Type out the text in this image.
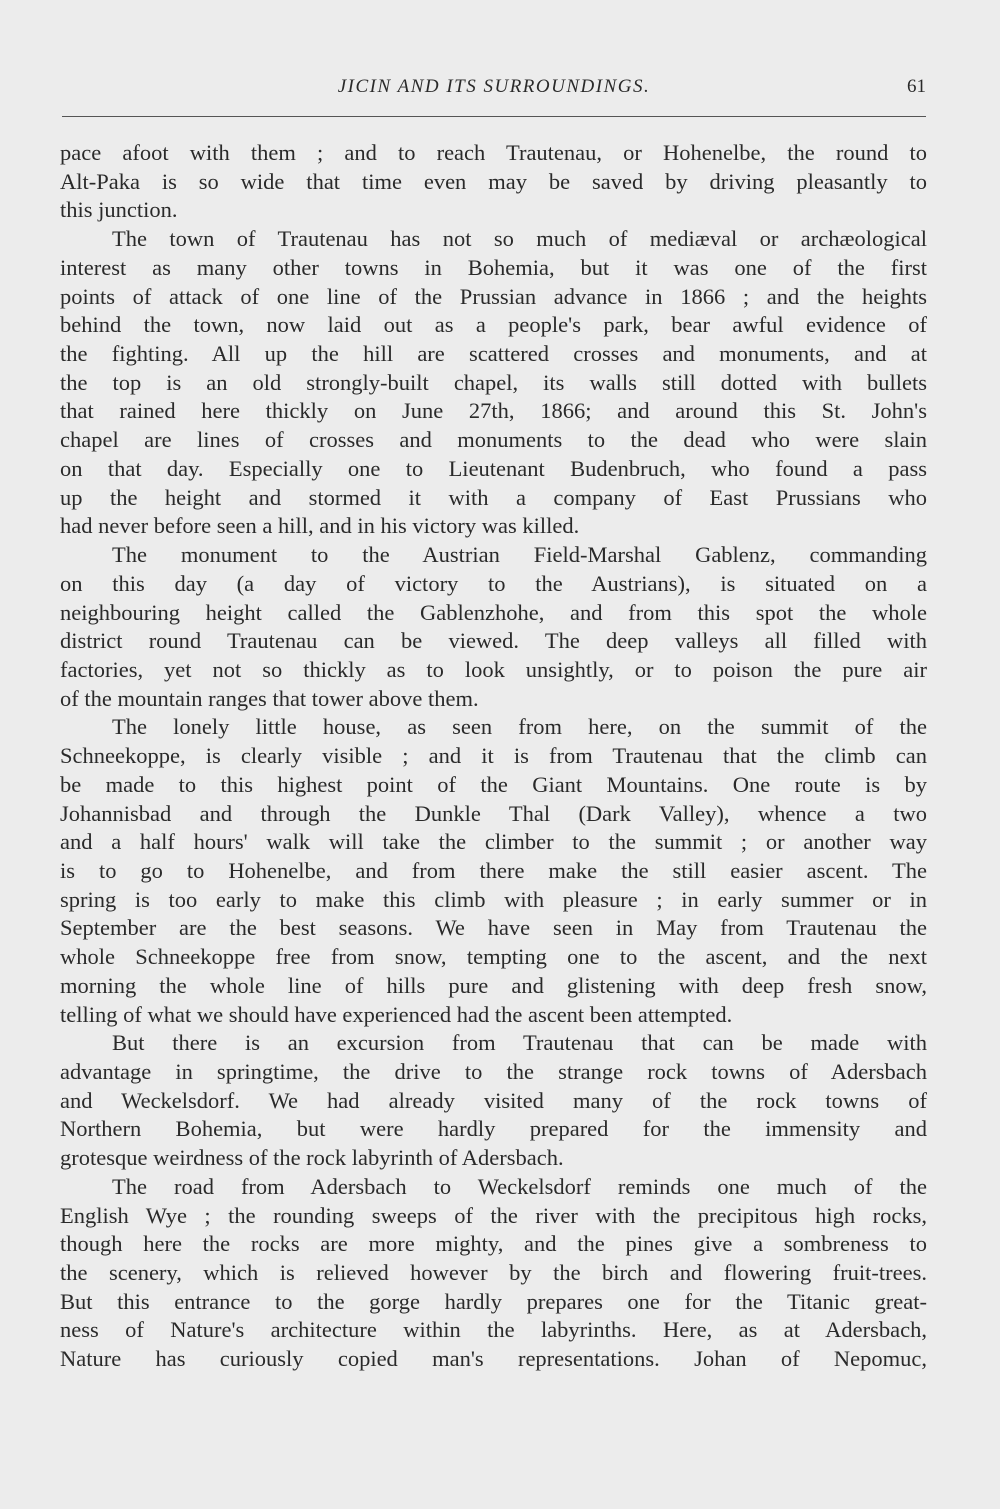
JICIN AND ITS SURROUNDINGS.	61
pace afoot with them ; and to reach Trautenau, or Hohenelbe, the round to
Alt-Paka is so wide that time even may be saved by driving pleasantly to
this junction.
The town of Trautenau has not so much of mediæval or archæological
interest as many other towns in Bohemia, but it was one of the first
points of attack of one line of the Prussian advance in 1866 ; and the heights
behind the town, now laid out as a people's park, bear awful evidence of
the fighting. All up the hill are scattered crosses and monuments, and at
the top is an old strongly-built chapel, its walls still dotted with bullets
that rained here thickly on June 27th, 1866; and around this St. John's
chapel are lines of crosses and monuments to the dead who were slain
on that day. Especially one to Lieutenant Budenbruch, who found a pass
up the height and stormed it with a company of East Prussians who
had never before seen a hill, and in his victory was killed.
The monument to the Austrian Field-Marshal Gablenz, commanding
on this day (a day of victory to the Austrians), is situated on a
neighbouring height called the Gablenzhohe, and from this spot the whole
district round Trautenau can be viewed. The deep valleys all filled with
factories, yet not so thickly as to look unsightly, or to poison the pure air
of the mountain ranges that tower above them.
The lonely little house, as seen from here, on the summit of the
Schneekoppe, is clearly visible ; and it is from Trautenau that the climb can
be made to this highest point of the Giant Mountains. One route is by
Johannisbad and through the Dunkle Thal (Dark Valley), whence a two
and a half hours' walk will take the climber to the summit ; or another way
is to go to Hohenelbe, and from there make the still easier ascent. The
spring is too early to make this climb with pleasure ; in early summer or in
September are the best seasons. We have seen in May from Trautenau the
whole Schneekoppe free from snow, tempting one to the ascent, and the next
morning the whole line of hills pure and glistening with deep fresh snow,
telling of what we should have experienced had the ascent been attempted.
But there is an excursion from Trautenau that can be made with
advantage in springtime, the drive to the strange rock towns of Adersbach
and Weckelsdorf. We had already visited many of the rock towns of
Northern Bohemia, but were hardly prepared for the immensity and
grotesque weirdness of the rock labyrinth of Adersbach.
The road from Adersbach to Weckelsdorf reminds one much of the
English Wye ; the rounding sweeps of the river with the precipitous high rocks,
though here the rocks are more mighty, and the pines give a sombreness to
the scenery, which is relieved however by the birch and flowering fruit-trees.
But this entrance to the gorge hardly prepares one for the Titanic great-
ness of Nature's architecture within the labyrinths. Here, as at Adersbach,
Nature has curiously copied man's representations. Johan of Nepomuc,
